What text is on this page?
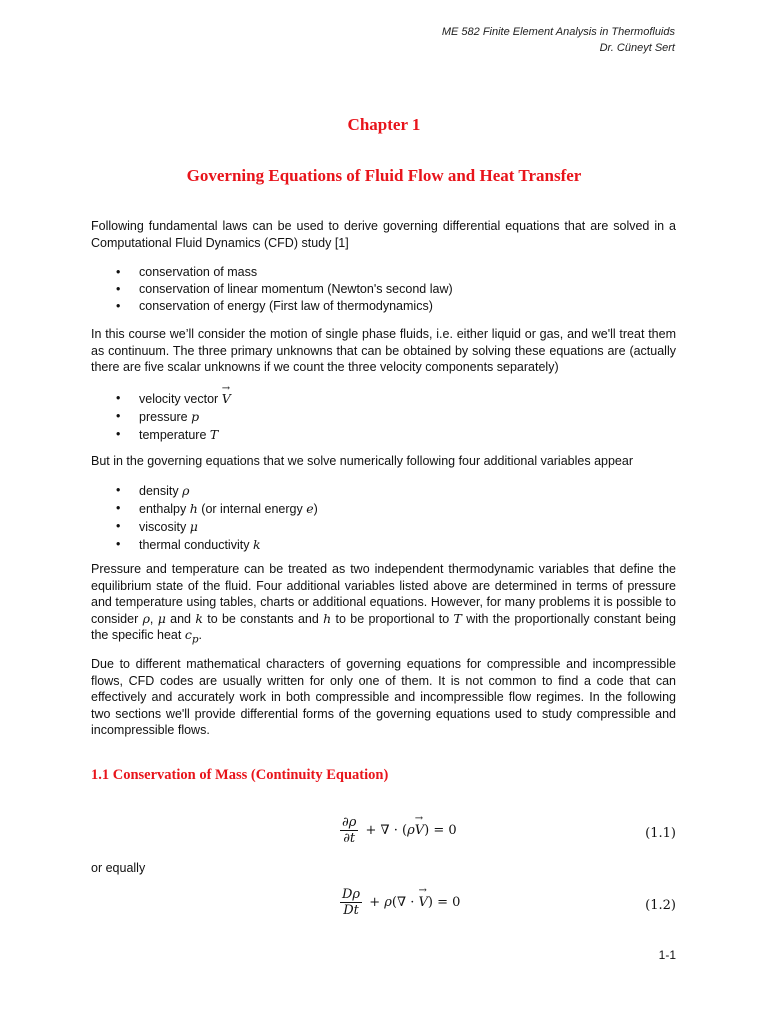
ME 582 Finite Element Analysis in Thermofluids
Dr. Cüneyt Sert
Chapter 1
Governing Equations of Fluid Flow and Heat Transfer
Following fundamental laws can be used to derive governing differential equations that are solved in a Computational Fluid Dynamics (CFD) study [1]
• conservation of mass
• conservation of linear momentum (Newton's second law)
• conservation of energy (First law of thermodynamics)
In this course we’ll consider the motion of single phase fluids, i.e. either liquid or gas, and we'll treat them as continuum. The three primary unknowns that can be obtained by solving these equations are (actually there are five scalar unknowns if we count the three velocity components separately)
• velocity vector → V
• pressure p
• temperature T
But in the governing equations that we solve numerically following four additional variables appear
• density ρ
• enthalpy h (or internal energy e)
• viscosity μ
• thermal conductivity k
Pressure and temperature can be treated as two independent thermodynamic variables that define the equilibrium state of the fluid. Four additional variables listed above are determined in terms of pressure and temperature using tables, charts or additional equations. However, for many problems it is possible to consider ρ, μ and k to be constants and h to be proportional to T with the proportionally constant being the specific heat $c_p$.
Due to different mathematical characters of governing equations for compressible and incompressible flows, CFD codes are usually written for only one of them. It is not common to find a code that can effectively and accurately work in both compressible and incompressible flow regimes. In the following two sections we'll provide differential forms of the governing equations used to study compressible and incompressible flows.
1.1 Conservation of Mass (Continuity Equation)
$\frac{\partial\rho}{\partial t}$ + ∇ · (ρ→ V) = 0	(1.1)
or equally
$\frac{D\rho}{Dt} + \rho(\nabla$ · → V) = 0	(1.2)
1-1
